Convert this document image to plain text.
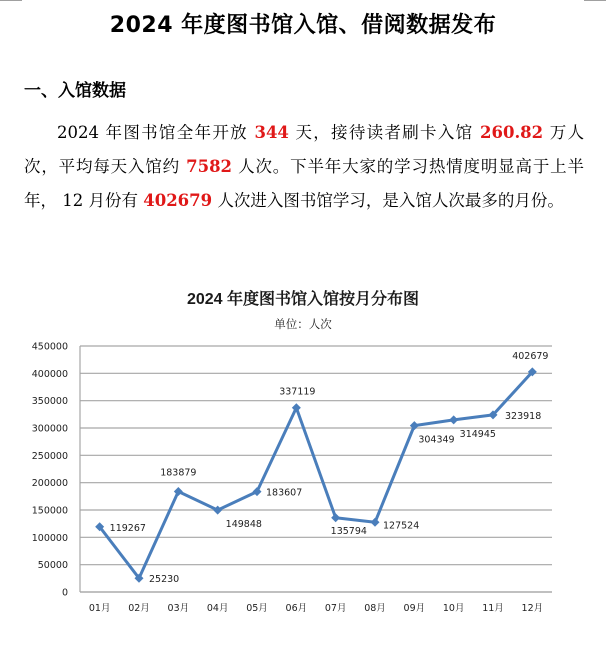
2024 年度图书馆入馆、借阅数据发布
一、入馆数据
2024 年图书馆全年开放 344 天，接待读者刷卡入馆 260.82 万人次，平均每天入馆约 7582 人次。下半年大家的学习热情度明显高于上半年， 12 月份有 402679 人次进入图书馆学习，是入馆人次最多的月份。
2024 年度图书馆入馆按月分布图
单位：人次
0
50000
100000
150000
200000
250000
300000
350000
400000
450000
01月 02月 03月 04月 05月 06月 07月 08月 09月 10月 11月 12月
119267
25230
183879
149848
183607
337119
135794 127524
304349
314945
323918
402679
